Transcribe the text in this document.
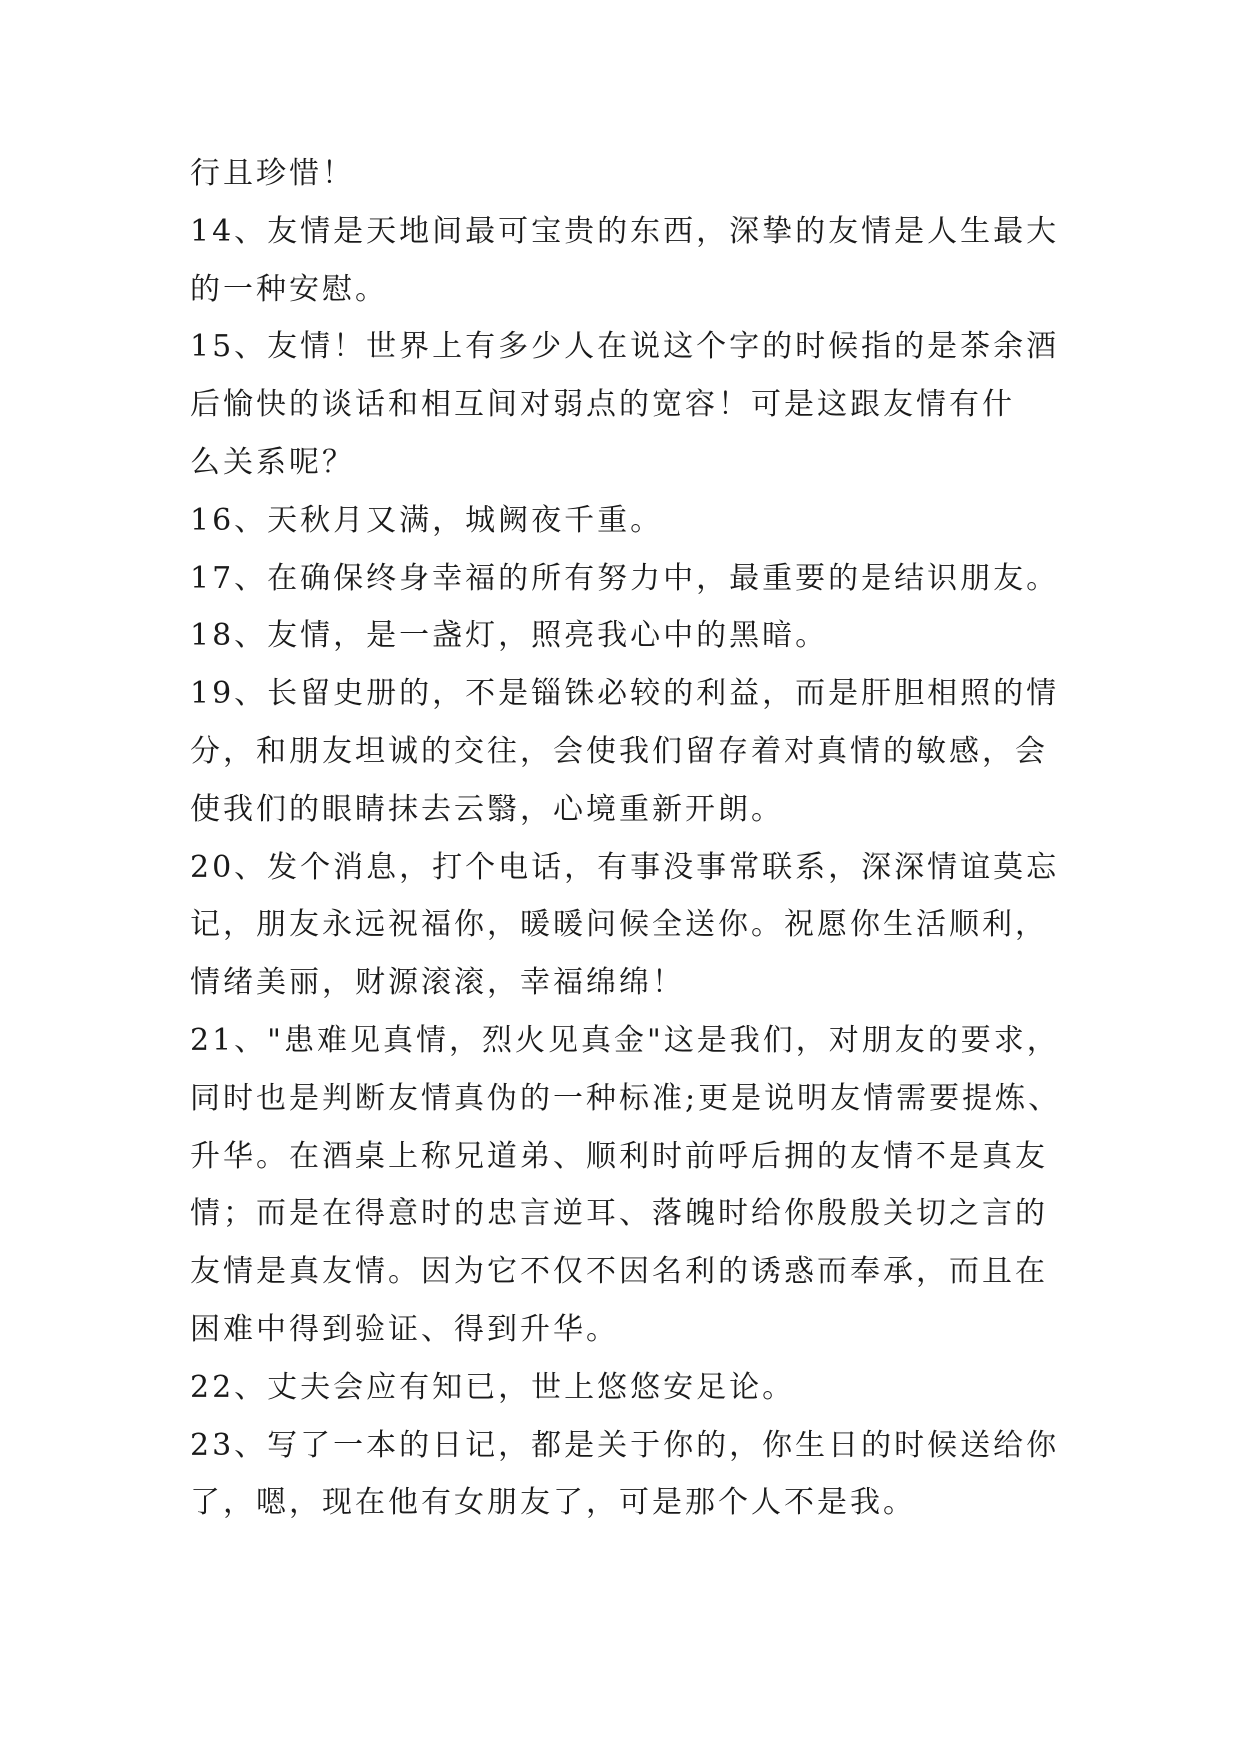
行且珍惜！

14、友情是天地间最可宝贵的东西，深挚的友情是人生最大

的一种安慰。

15、友情！世界上有多少人在说这个字的时候指的是茶余酒

后愉快的谈话和相互间对弱点的宽容！可是这跟友情有什

么关系呢？

16、天秋月又满，城阙夜千重。

17、在确保终身幸福的所有努力中，最重要的是结识朋友。

18、友情，是一盏灯，照亮我心中的黑暗。

19、长留史册的，不是锱铢必较的利益，而是肝胆相照的情

分，和朋友坦诚的交往，会使我们留存着对真情的敏感，会

使我们的眼睛抹去云翳，心境重新开朗。

20、发个消息，打个电话，有事没事常联系，深深情谊莫忘

记，朋友永远祝福你，暖暖问候全送你。祝愿你生活顺利，

情绪美丽，财源滚滚，幸福绵绵！

21、"患难见真情，烈火见真金"这是我们，对朋友的要求，

同时也是判断友情真伪的一种标准;更是说明友情需要提炼、

升华。在酒桌上称兄道弟、顺利时前呼后拥的友情不是真友

情；而是在得意时的忠言逆耳、落魄时给你殷殷关切之言的

友情是真友情。因为它不仅不因名利的诱惑而奉承，而且在

困难中得到验证、得到升华。

22、丈夫会应有知已，世上悠悠安足论。

23、写了一本的日记，都是关于你的，你生日的时候送给你

了，嗯，现在他有女朋友了，可是那个人不是我。
